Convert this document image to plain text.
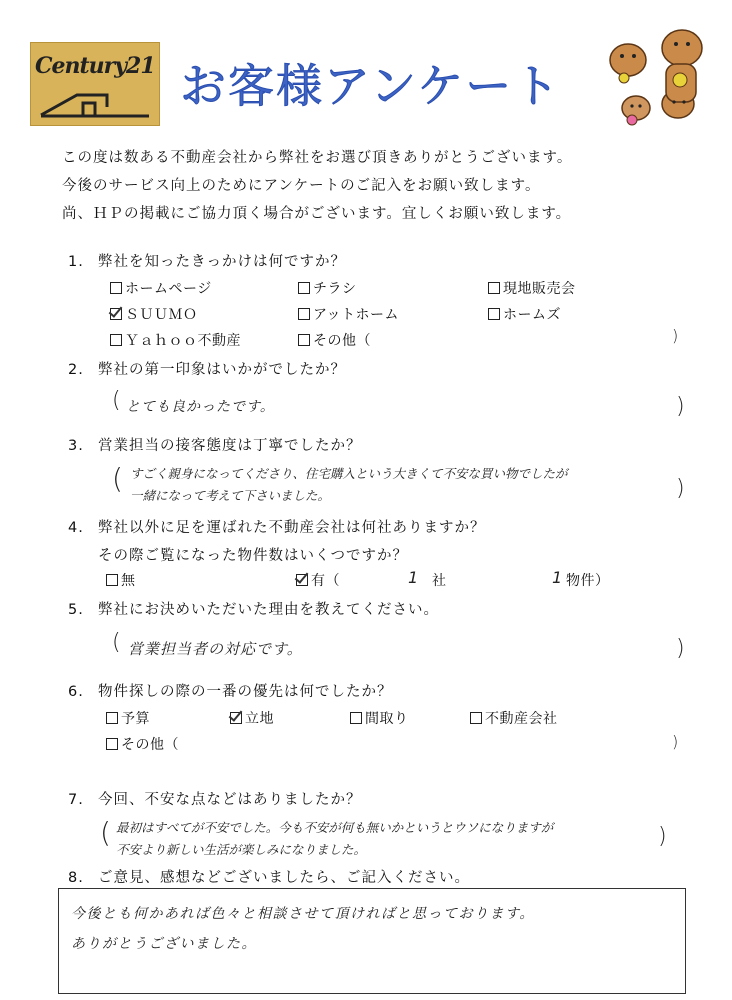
Century21 お客様アンケート
この度は数ある不動産会社から弊社をお選び頂きありがとうございます。
今後のサービス向上のためにアンケートのご記入をお願い致します。
尚、ＨＰの掲載にご協力頂く場合がございます。宜しくお願い致します。
1. 弊社を知ったきっかけは何ですか？
ホームページ	チラシ	現地販売会
ＳＵＵＭＯ	アットホーム	ホームズ
Ｙａｈｏｏ不動産	その他（	)
2. 弊社の第一印象はいかがでしたか？
( とても良かったです。	)
3. 営業担当の接客態度は丁寧でしたか？
( すごく親身になってくださり、住宅購入という大きくて不安な買い物でしたが
一緒になって考えて下さいました。	)
4. 弊社以外に足を運ばれた不動産会社は何社ありますか？
その際ご覧になった物件数はいくつですか？
無	有（	1 社	1 物件）
5. 弊社にお決めいただいた理由を教えてください。
( 営業担当者の対応です。	)
6. 物件探しの際の一番の優先は何でしたか？
予算	立地	間取り	不動産会社
その他（	)
7. 今回、不安な点などはありましたか？
( 最初はすべてが不安でした。今も不安が何も無いかというとウソになりますが
不安より新しい生活が楽しみになりました。
)
8. ご意見、感想などございましたら、ご記入ください。
今後とも何かあれば色々と相談させて頂ければと思っております。
ありがとうございました。
